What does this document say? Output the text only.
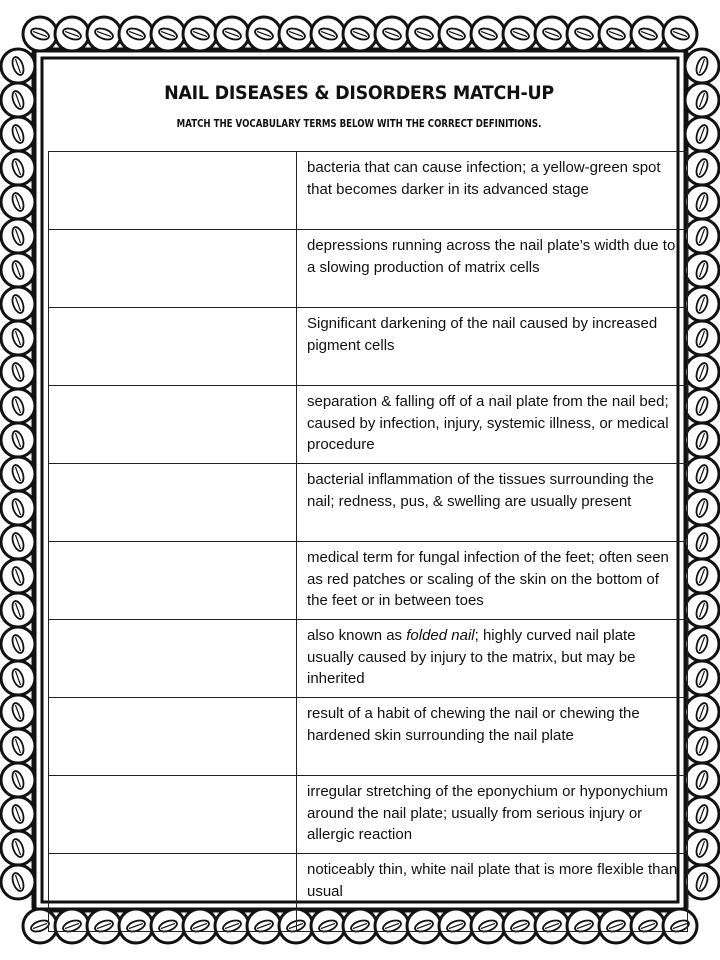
NAIL DISEASES & DISORDERS MATCH-UP
MATCH THE VOCABULARY TERMS BELOW WITH THE CORRECT DEFINITIONS.
	bacteria that can cause infection; a yellow-green spot that becomes darker in its advanced stage
	depressions running across the nail plate’s width due to a slowing production of matrix cells
	Significant darkening of the nail caused by increased pigment cells
	separation & falling off of a nail plate from the nail bed; caused by infection, injury, systemic illness, or medical procedure
	bacterial inflammation of the tissues surrounding the nail; redness, pus, & swelling are usually present
	medical term for fungal infection of the feet; often seen as red patches or scaling of the skin on the bottom of the feet or in between toes
	also known as folded nail; highly curved nail plate usually caused by injury to the matrix, but may be inherited
	result of a habit of chewing the nail or chewing the hardened skin surrounding the nail plate
	irregular stretching of the eponychium or hyponychium around the nail plate; usually from serious injury or allergic reaction
	noticeably thin, white nail plate that is more flexible than usual
